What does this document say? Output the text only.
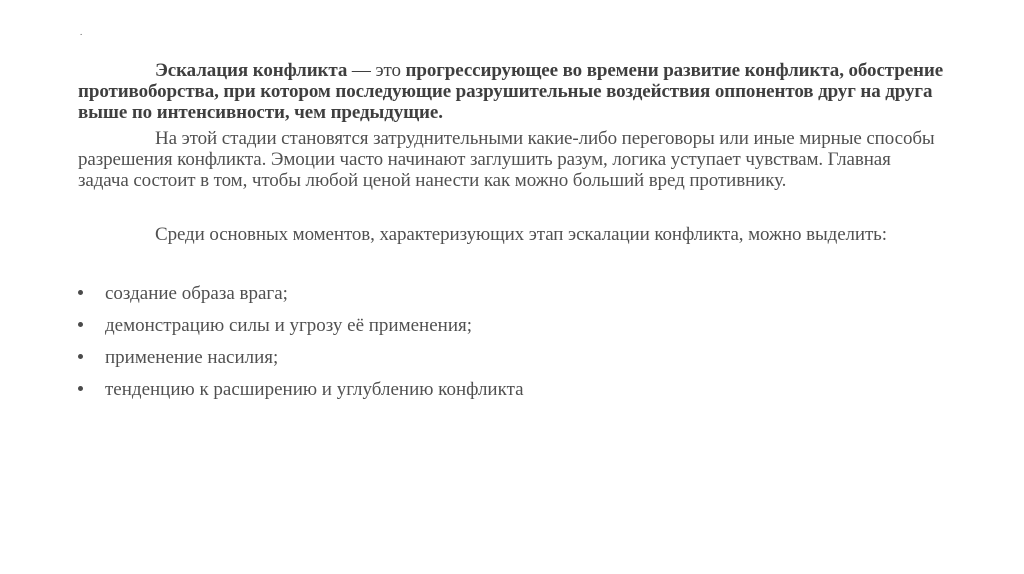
.

Эскалация конфликта — это прогрессирующее во времени развитие конфликта, обострение противоборства, при котором последующие разрушительные воздействия оппонентов друг на друга выше по интенсивности, чем предыдущие.

На этой стадии становятся затруднительными какие-либо переговоры или иные мирные способы разрешения конфликта. Эмоции часто начинают заглушить разум, логика уступает чувствам. Главная задача состоит в том, чтобы любой ценой нанести как можно больший вред противнику.

Среди основных моментов, характеризующих этап эскалации конфликта, можно выделить:

создание образа врага;
демонстрацию силы и угрозу её применения;
применение насилия;
тенденцию к расширению и углублению конфликта
